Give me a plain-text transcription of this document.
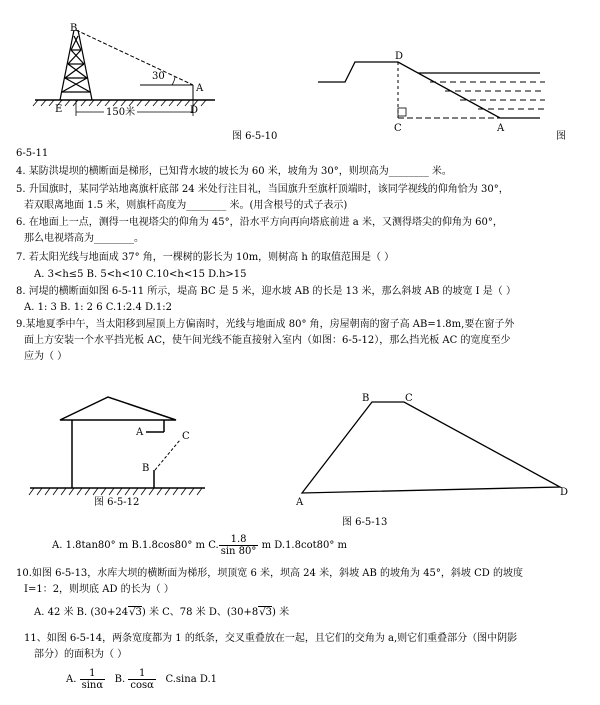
B
30
A
E	150米	D
D
C	A
图 6-5-10	图
6-5-11
A	C
B
图 6-5-12
B	C
A
D
图 6-5-13
4. 某防洪堤坝的横断面是梯形，已知背水坡的坡长为 60 米，坡角为 30°，则坝高为________ 米。
5. 升国旗时，某同学站地离旗杆底部 24 米处行注目礼，当国旗升至旗杆顶端时，该同学视线的仰角恰为 30°，
若双眼离地面 1.5 米，则旗杆高度为________ 米。(用含根号的式子表示)
6. 在地面上一点，测得一电视塔尖的仰角为 45°，沿水平方向再向塔底前进 a 米，又测得塔尖的仰角为 60°，
那么电视塔高为________。
7. 若太阳光线与地面成 37° 角，一棵树的影长为 10m，则树高 h 的取值范围是（ ）
A. 3<h≤5 B. 5<h<10 C.10<h<15 D.h>15
8. 河堤的横断面如图 6-5-11 所示，堤高 BC 是 5 米，迎水坡 AB 的长是 13 米，那么斜坡 AB 的坡宽 I 是（ ）
A. 1: 3 B. 1: 2 6 C.1:2.4 D.1:2
9.某地夏季中午，当太阳移到屋顶上方偏南时，光线与地面成 80° 角，房屋朝南的窗子高 AB=1.8m,要在窗子外
面上方安装一个水平挡光板 AC，使午间光线不能直接射入室内（如图：6-5-12），那么挡光板 AC 的宽度至少
应为（ ）
A. 1.8tan80° m B.1.8cos80° m C. $\frac{1.8}{\sin 80^\circ}$ m D.1.8cot80° m
10.如图 6-5-13，水库大坝的横断面为梯形，坝顶宽 6 米，坝高 24 米，斜坡 AB 的坡角为 45°，斜坡 CD 的坡度
I=1：2，则坝底 AD 的长为（ ）
A. 42 米 B. (30+24√3) 米 C、78 米 D、(30+8√3) 米
11、如图 6-5-14，两条宽度都为 1 的纸条，交叉重叠放在一起，且它们的交角为 a,则它们重叠部分（图中阴影
部分）的面积为（ ）
A. $\frac{1}{\sin\alpha} B$. $\frac{1}{\cos\alpha} C.\sin a$ D.1
